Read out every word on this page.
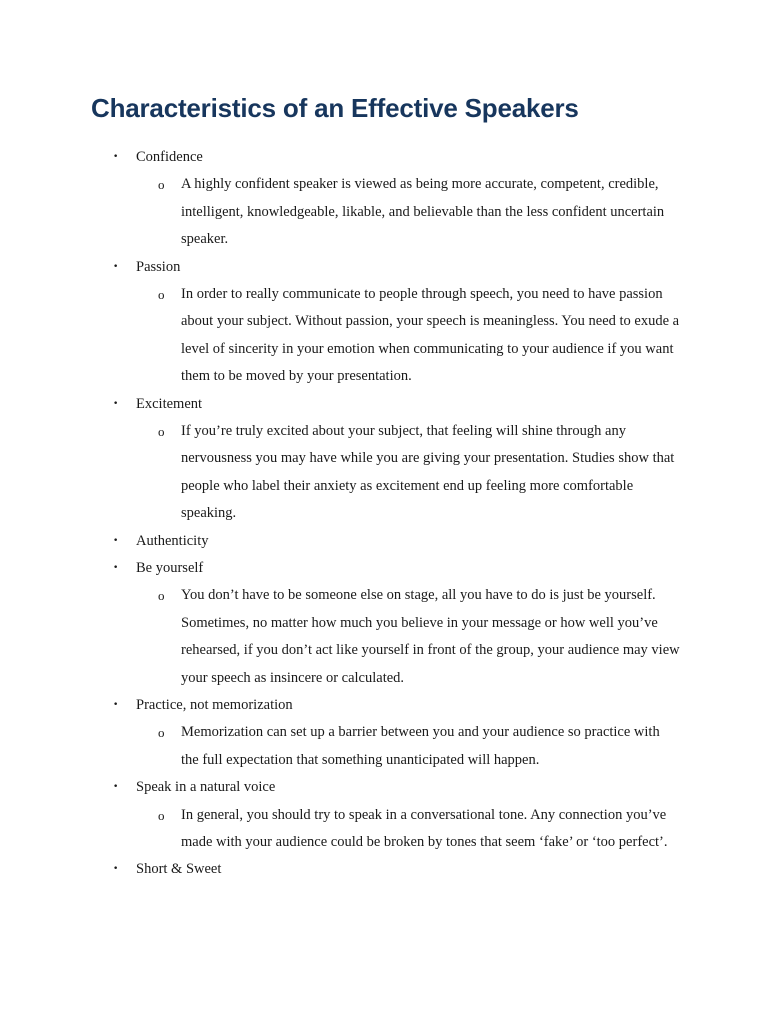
Characteristics of an Effective Speakers
• Confidence
o A highly confident speaker is viewed as being more accurate, competent, credible, intelligent, knowledgeable, likable, and believable than the less confident uncertain speaker.
• Passion
o In order to really communicate to people through speech, you need to have passion about your subject. Without passion, your speech is meaningless. You need to exude a level of sincerity in your emotion when communicating to your audience if you want them to be moved by your presentation.
• Excitement
o If you’re truly excited about your subject, that feeling will shine through any nervousness you may have while you are giving your presentation. Studies show that people who label their anxiety as excitement end up feeling more comfortable speaking.
• Authenticity
• Be yourself
o You don’t have to be someone else on stage, all you have to do is just be yourself. Sometimes, no matter how much you believe in your message or how well you’ve rehearsed, if you don’t act like yourself in front of the group, your audience may view your speech as insincere or calculated.
• Practice, not memorization
o Memorization can set up a barrier between you and your audience so practice with the full expectation that something unanticipated will happen.
• Speak in a natural voice
o In general, you should try to speak in a conversational tone. Any connection you’ve made with your audience could be broken by tones that seem ‘fake’ or ‘too perfect’.
• Short & Sweet
